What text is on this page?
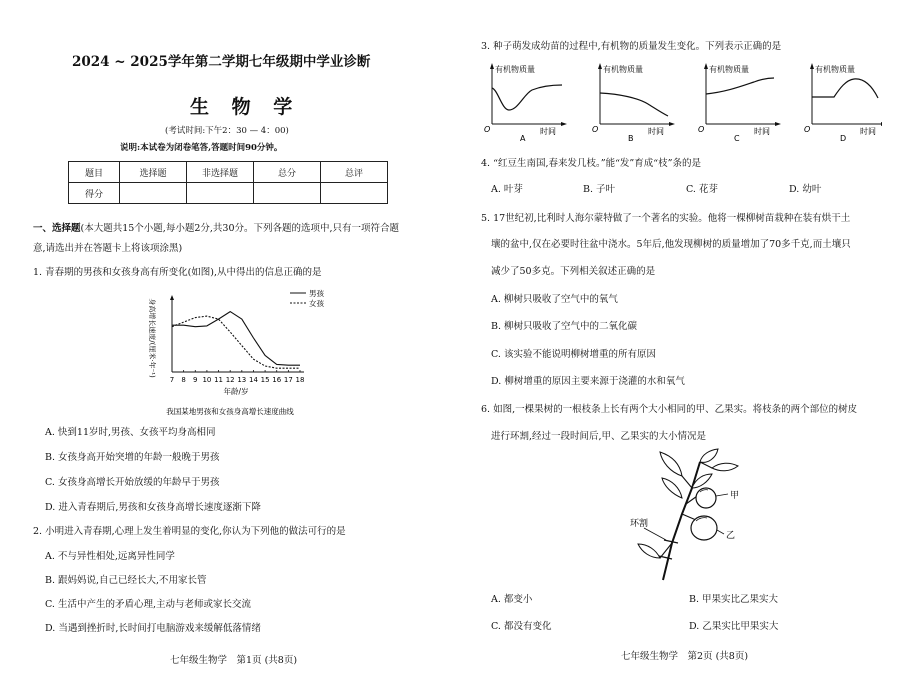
2024 ~ 2025学年第二学期七年级期中学业诊断
生 物 学
(考试时间:下午2：30 — 4：00)
说明:本试卷为闭卷笔答,答题时间90分钟。
题目	选择题	非选择题	总分	总评
得分				
一、选择题(本大题共15个小题,每小题2分,共30分。下列各题的选项中,只有一项符合题
意,请选出并在答题卡上将该项涂黑)
1. 青春期的男孩和女孩身高有所变化(如图),从中得出的信息正确的是
7 8 9 10 11 12 13 14 15 16 17 18
年龄/岁
身高增长速度/(厘米·年⁻¹)
男孩
女孩
我国某地男孩和女孩身高增长速度曲线
A. 快到11岁时,男孩、女孩平均身高相同
B. 女孩身高开始突增的年龄一般晚于男孩
C. 女孩身高增长开始放缓的年龄早于男孩
D. 进入青春期后,男孩和女孩身高增长速度逐渐下降
2. 小明进入青春期,心理上发生着明显的变化,你认为下列他的做法可行的是
A. 不与异性相处,远离异性同学
B. 跟妈妈说,自己已经长大,不用家长管
C. 生活中产生的矛盾心理,主动与老师或家长交流
D. 当遇到挫折时,长时间打电脑游戏来缓解低落情绪
七年级生物学　第1页 (共8页)
3. 种子萌发成幼苗的过程中,有机物的质量发生变化。下列表示正确的是
有机物质量
时间
O
A
有机物质量
时间
O
B
有机物质量
时间
O
C
有机物质量
时间
O
D
4. “红豆生南国,春来发几枝。”能“发”育成“枝”条的是
A. 叶芽	B. 子叶	C. 花芽	D. 幼叶
5. 17世纪初,比利时人海尔蒙特做了一个著名的实验。他将一棵柳树苗栽种在装有烘干土
壤的盆中,仅在必要时往盆中浇水。5年后,他发现柳树的质量增加了70多千克,而土壤只
减少了50多克。下列相关叙述正确的是
A. 柳树只吸收了空气中的氧气
B. 柳树只吸收了空气中的二氧化碳
C. 该实验不能说明柳树增重的所有原因
D. 柳树增重的原因主要来源于浇灌的水和氧气
6. 如图,一棵果树的一根枝条上长有两个大小相同的甲、乙果实。将枝条的两个部位的树皮
进行环割,经过一段时间后,甲、乙果实的大小情况是
甲
乙
环割
A. 都变小	B. 甲果实比乙果实大
C. 都没有变化	D. 乙果实比甲果实大
七年级生物学　第2页 (共8页)
